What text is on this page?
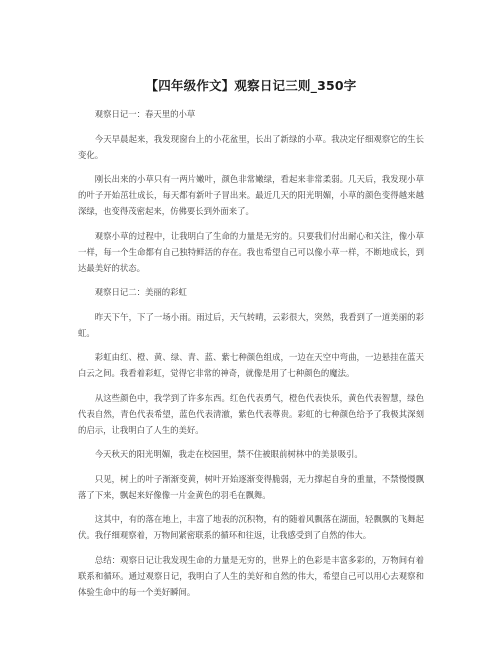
【四年级作文】观察日记三则_350字
观察日记一：春天里的小草
今天早晨起来，我发现窗台上的小花盆里，长出了新绿的小草。我决定仔细观察它的生长变化。
刚长出来的小草只有一两片嫩叶，颜色非常嫩绿，看起来非常柔弱。几天后，我发现小草的叶子开始茁壮成长，每天都有新叶子冒出来。最近几天的阳光明媚，小草的颜色变得越来越深绿，也变得茂密起来，仿佛要长到外面来了。
观察小草的过程中，让我明白了生命的力量是无穷的。只要我们付出耐心和关注，像小草一样，每一个生命都有自己独特鲜活的存在。我也希望自己可以像小草一样，不断地成长，到达最美好的状态。
观察日记二：美丽的彩虹
昨天下午，下了一场小雨。雨过后，天气转晴，云彩很大，突然，我看到了一道美丽的彩虹。
彩虹由红、橙、黄、绿、青、蓝、紫七种颜色组成，一边在天空中弯曲，一边悬挂在蓝天白云之间。我看着彩虹，觉得它非常的神奇，就像是用了七种颜色的魔法。
从这些颜色中，我学到了许多东西。红色代表勇气，橙色代表快乐，黄色代表智慧，绿色代表自然，青色代表希望，蓝色代表清澈，紫色代表尊贵。彩虹的七种颜色给予了我极其深刻的启示，让我明白了人生的美好。
今天秋天的阳光明媚，我走在校园里，禁不住被眼前树林中的美景吸引。
只见，树上的叶子渐渐变黄，树叶开始逐渐变得脆弱，无力撑起自身的重量，不禁慢慢飘落了下来，飘起来好像像一片金黄色的羽毛在飘舞。
这其中，有的落在地上，丰富了地表的沉积物，有的随着风飘落在湖面，轻飘飘的飞舞起伏。我仔细观察着，万物间紧密联系的循环和往返，让我感受到了自然的伟大。
总结：观察日记让我发现生命的力量是无穷的，世界上的色彩是丰富多彩的，万物间有着联系和循环。通过观察日记，我明白了人生的美好和自然的伟大，希望自己可以用心去观察和体验生命中的每一个美好瞬间。
